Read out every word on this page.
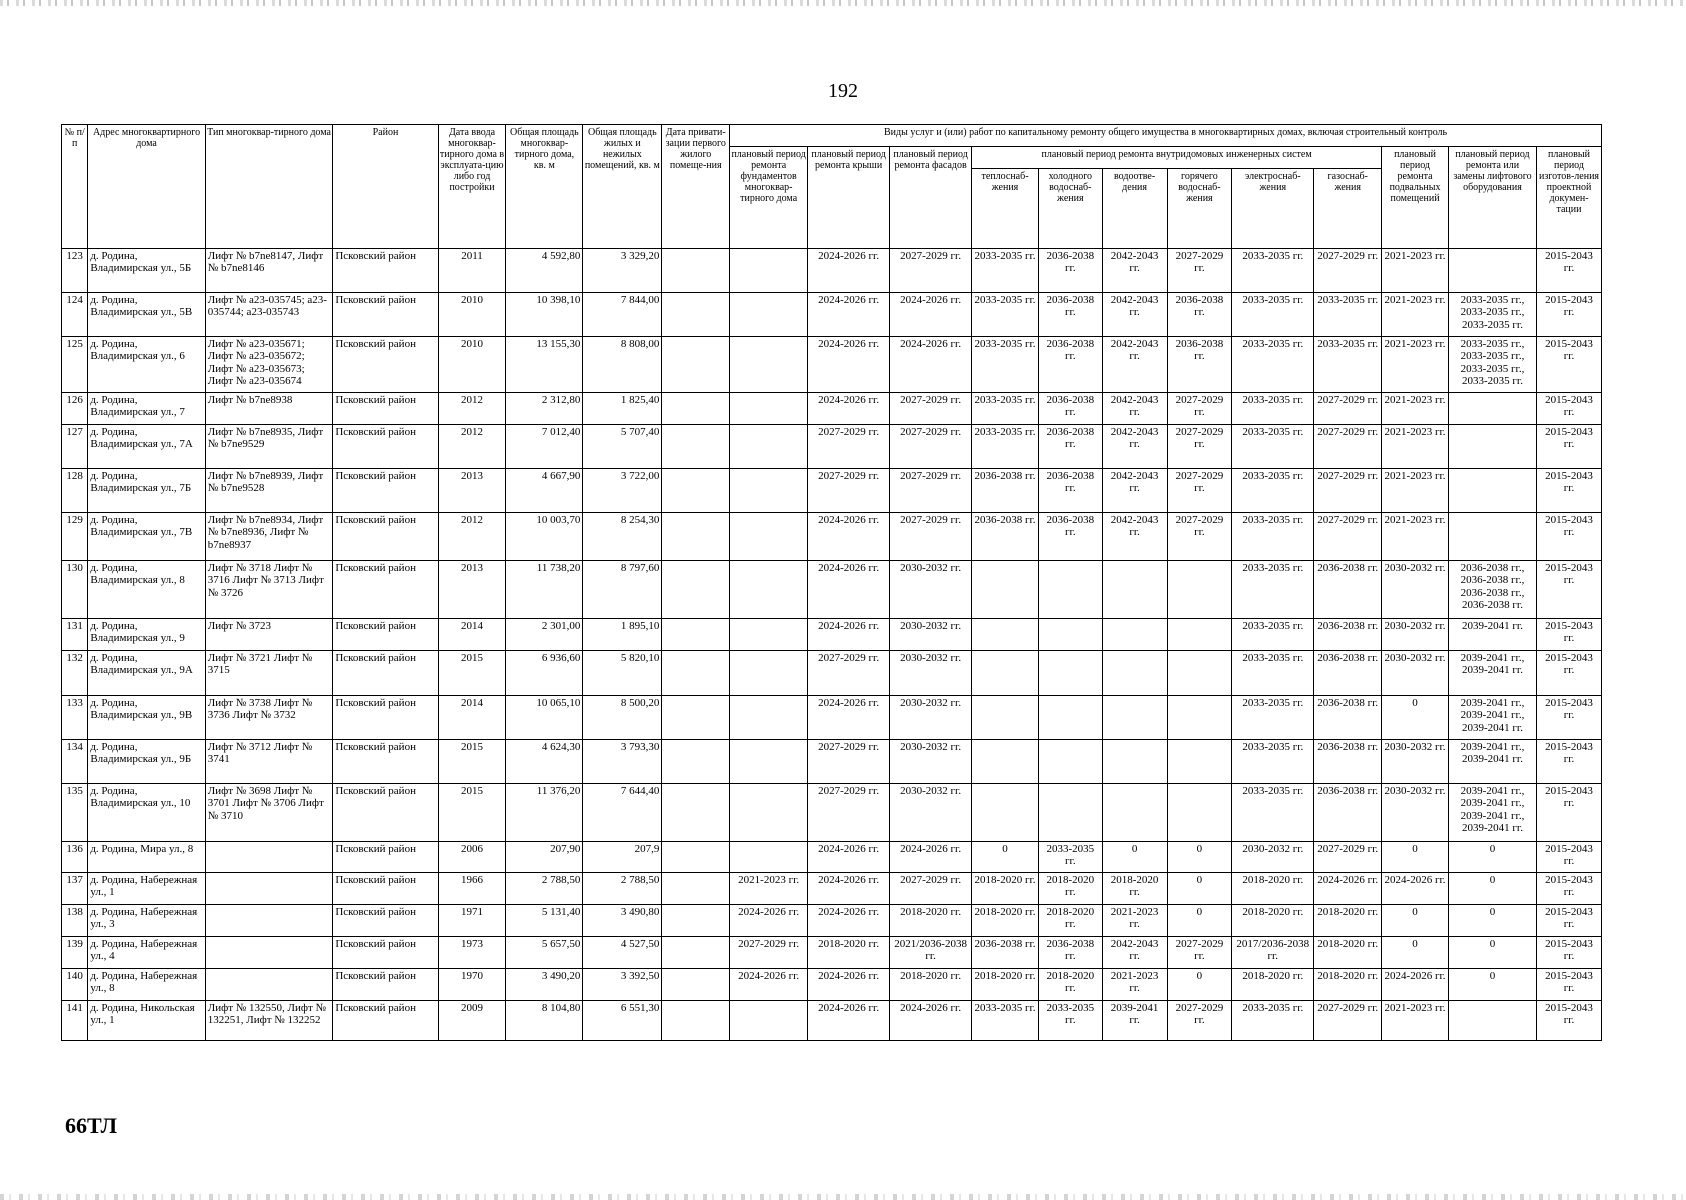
192
№ п/п	Адрес многоквартирного дома	Тип многоквар-тирного дома	Район	Дата ввода многоквар-тирного дома в эксплуата-цию либо год постройки	Общая площадь многоквар-тирного дома, кв. м	Общая площадь жилых и нежилых помещений, кв. м	Дата привати-зации первого жилого помеще-ния	Виды услуг и (или) работ по капитальному ремонту общего имущества в многоквартирных домах, включая строительный контроль											
								плановый период ремонта фундаментов многоквар-тирного дома	плановый период ремонта крыши	плановый период ремонта фасадов	плановый период ремонта внутридомовых инженерных систем						плановый период ремонта подвальных помещений	плановый период ремонта или замены лифтового оборудования	плановый период изготов-ления проектной докумен-тации
											теплоснаб-жения	холодного водоснаб-жения	водоотве-дения	горячего водоснаб-жения	электроснаб-жения	газоснаб-жения			
123	д. Родина, Владимирская ул., 5Б	Лифт № b7ne8147, Лифт № b7ne8146	Псковский район	2011	4 592,80	3 329,20			2024-2026 гг.	2027-2029 гг.	2033-2035 гг.	2036-2038 гг.	2042-2043 гг.	2027-2029 гг.	2033-2035 гг.	2027-2029 гг.	2021-2023 гг.		2015-2043 гг.
124	д. Родина, Владимирская ул., 5В	Лифт № a23-035745; a23-035744; a23-035743	Псковский район	2010	10 398,10	7 844,00			2024-2026 гг.	2024-2026 гг.	2033-2035 гг.	2036-2038 гг.	2042-2043 гг.	2036-2038 гг.	2033-2035 гг.	2033-2035 гг.	2021-2023 гг.	2033-2035 гг., 2033-2035 гг., 2033-2035 гг.	2015-2043 гг.
125	д. Родина, Владимирская ул., 6	Лифт № a23-035671; Лифт № a23-035672; Лифт № a23-035673; Лифт № a23-035674	Псковский район	2010	13 155,30	8 808,00			2024-2026 гг.	2024-2026 гг.	2033-2035 гг.	2036-2038 гг.	2042-2043 гг.	2036-2038 гг.	2033-2035 гг.	2033-2035 гг.	2021-2023 гг.	2033-2035 гг., 2033-2035 гг., 2033-2035 гг., 2033-2035 гг.	2015-2043 гг.
126	д. Родина, Владимирская ул., 7	Лифт № b7ne8938	Псковский район	2012	2 312,80	1 825,40			2024-2026 гг.	2027-2029 гг.	2033-2035 гг.	2036-2038 гг.	2042-2043 гг.	2027-2029 гг.	2033-2035 гг.	2027-2029 гг.	2021-2023 гг.		2015-2043 гг.
127	д. Родина, Владимирская ул., 7А	Лифт № b7ne8935, Лифт № b7ne9529	Псковский район	2012	7 012,40	5 707,40			2027-2029 гг.	2027-2029 гг.	2033-2035 гг.	2036-2038 гг.	2042-2043 гг.	2027-2029 гг.	2033-2035 гг.	2027-2029 гг.	2021-2023 гг.		2015-2043 гг.
128	д. Родина, Владимирская ул., 7Б	Лифт № b7ne8939, Лифт № b7ne9528	Псковский район	2013	4 667,90	3 722,00			2027-2029 гг.	2027-2029 гг.	2036-2038 гг.	2036-2038 гг.	2042-2043 гг.	2027-2029 гг.	2033-2035 гг.	2027-2029 гг.	2021-2023 гг.		2015-2043 гг.
129	д. Родина, Владимирская ул., 7В	Лифт № b7ne8934, Лифт № b7ne8936, Лифт № b7ne8937	Псковский район	2012	10 003,70	8 254,30			2024-2026 гг.	2027-2029 гг.	2036-2038 гг.	2036-2038 гг.	2042-2043 гг.	2027-2029 гг.	2033-2035 гг.	2027-2029 гг.	2021-2023 гг.		2015-2043 гг.
130	д. Родина, Владимирская ул., 8	Лифт № 3718 Лифт № 3716 Лифт № 3713 Лифт № 3726	Псковский район	2013	11 738,20	8 797,60			2024-2026 гг.	2030-2032 гг.					2033-2035 гг.	2036-2038 гг.	2030-2032 гг.	2036-2038 гг., 2036-2038 гг., 2036-2038 гг., 2036-2038 гг.	2015-2043 гг.
131	д. Родина, Владимирская ул., 9	Лифт № 3723	Псковский район	2014	2 301,00	1 895,10			2024-2026 гг.	2030-2032 гг.					2033-2035 гг.	2036-2038 гг.	2030-2032 гг.	2039-2041 гг.	2015-2043 гг.
132	д. Родина, Владимирская ул., 9А	Лифт № 3721 Лифт № 3715	Псковский район	2015	6 936,60	5 820,10			2027-2029 гг.	2030-2032 гг.					2033-2035 гг.	2036-2038 гг.	2030-2032 гг.	2039-2041 гг., 2039-2041 гг.	2015-2043 гг.
133	д. Родина, Владимирская ул., 9В	Лифт № 3738 Лифт № 3736 Лифт № 3732	Псковский район	2014	10 065,10	8 500,20			2024-2026 гг.	2030-2032 гг.					2033-2035 гг.	2036-2038 гг.	0	2039-2041 гг., 2039-2041 гг., 2039-2041 гг.	2015-2043 гг.
134	д. Родина, Владимирская ул., 9Б	Лифт № 3712 Лифт № 3741	Псковский район	2015	4 624,30	3 793,30			2027-2029 гг.	2030-2032 гг.					2033-2035 гг.	2036-2038 гг.	2030-2032 гг.	2039-2041 гг., 2039-2041 гг.	2015-2043 гг.
135	д. Родина, Владимирская ул., 10	Лифт № 3698 Лифт № 3701 Лифт № 3706 Лифт № 3710	Псковский район	2015	11 376,20	7 644,40			2027-2029 гг.	2030-2032 гг.					2033-2035 гг.	2036-2038 гг.	2030-2032 гг.	2039-2041 гг., 2039-2041 гг., 2039-2041 гг., 2039-2041 гг.	2015-2043 гг.
136	д. Родина, Мира ул., 8		Псковский район	2006	207,90	207,9			2024-2026 гг.	2024-2026 гг.	0	2033-2035 гг.	0	0	2030-2032 гг.	2027-2029 гг.	0	0	2015-2043 гг.
137	д. Родина, Набережная ул., 1		Псковский район	1966	2 788,50	2 788,50		2021-2023 гг.	2024-2026 гг.	2027-2029 гг.	2018-2020 гг.	2018-2020 гг.	2018-2020 гг.	0	2018-2020 гг.	2024-2026 гг.	2024-2026 гг.	0	2015-2043 гг.
138	д. Родина, Набережная ул., 3		Псковский район	1971	5 131,40	3 490,80		2024-2026 гг.	2024-2026 гг.	2018-2020 гг.	2018-2020 гг.	2018-2020 гг.	2021-2023 гг.	0	2018-2020 гг.	2018-2020 гг.	0	0	2015-2043 гг.
139	д. Родина, Набережная ул., 4		Псковский район	1973	5 657,50	4 527,50		2027-2029 гг.	2018-2020 гг.	2021/2036-2038 гг.	2036-2038 гг.	2036-2038 гг.	2042-2043 гг.	2027-2029 гг.	2017/2036-2038 гг.	2018-2020 гг.	0	0	2015-2043 гг.
140	д. Родина, Набережная ул., 8		Псковский район	1970	3 490,20	3 392,50		2024-2026 гг.	2024-2026 гг.	2018-2020 гг.	2018-2020 гг.	2018-2020 гг.	2021-2023 гг.	0	2018-2020 гг.	2018-2020 гг.	2024-2026 гг.	0	2015-2043 гг.
141	д. Родина, Никольская ул., 1	Лифт № 132550, Лифт № 132251, Лифт № 132252	Псковский район	2009	8 104,80	6 551,30			2024-2026 гг.	2024-2026 гг.	2033-2035 гг.	2033-2035 гг.	2039-2041 гг.	2027-2029 гг.	2033-2035 гг.	2027-2029 гг.	2021-2023 гг.		2015-2043 гг.
66ТЛ
